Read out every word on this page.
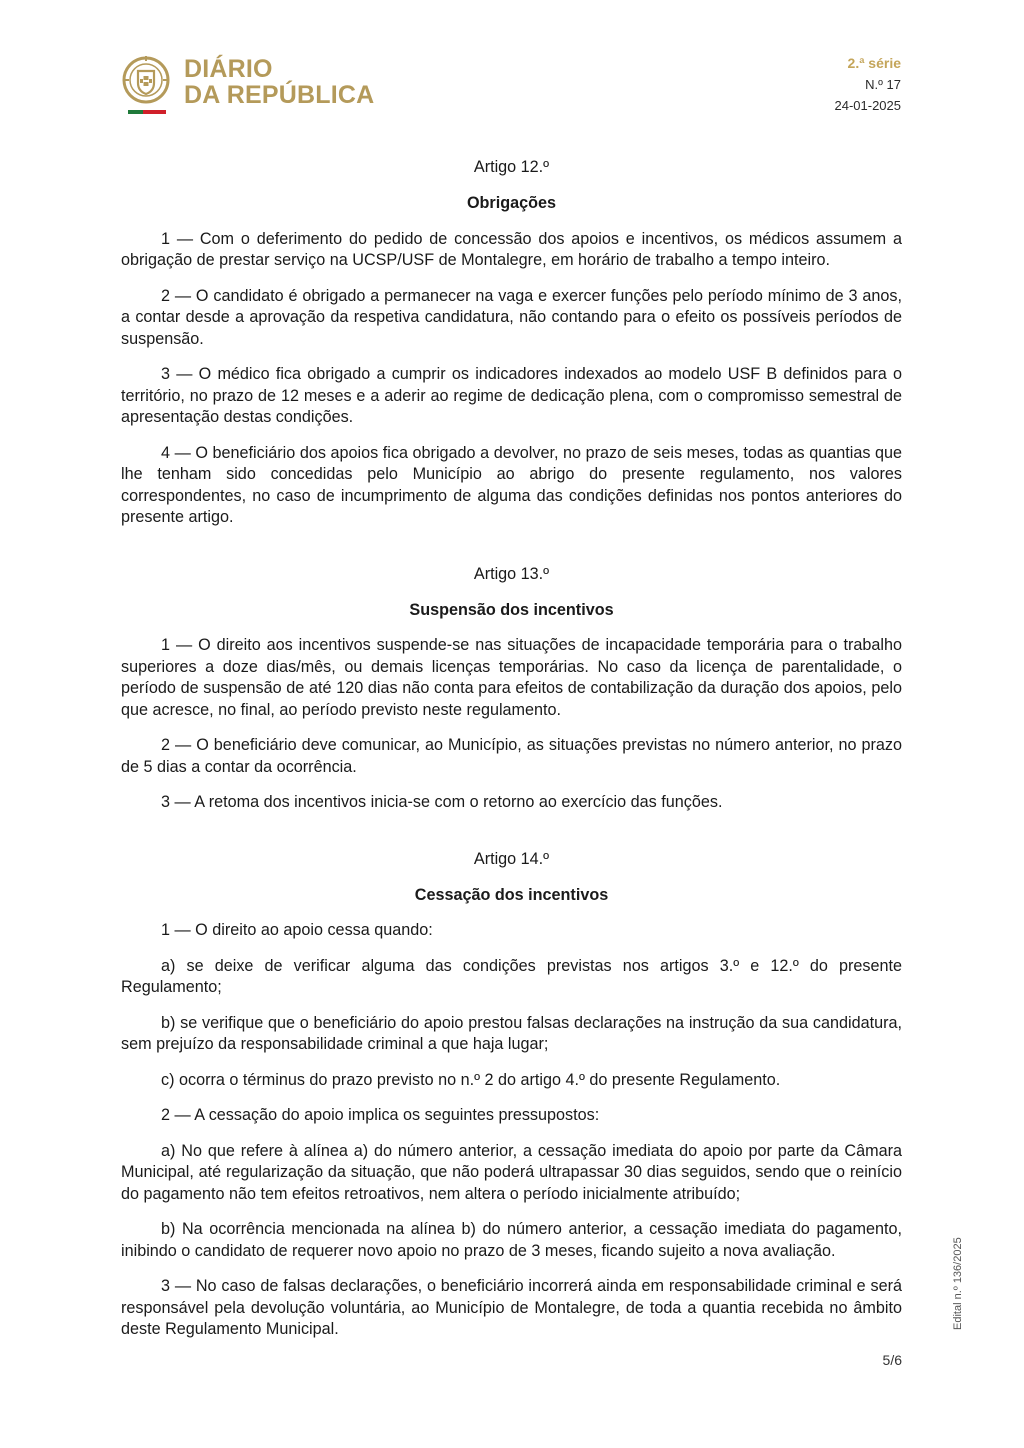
DIÁRIO
DA REPÚBLICA
2.ª série
N.º 17
24-01-2025
Artigo 12.º
Obrigações

1 — Com o deferimento do pedido de concessão dos apoios e incentivos, os médicos assumem a obrigação de prestar serviço na UCSP/USF de Montalegre, em horário de trabalho a tempo inteiro.

2 — O candidato é obrigado a permanecer na vaga e exercer funções pelo período mínimo de 3 anos, a contar desde a aprovação da respetiva candidatura, não contando para o efeito os possíveis períodos de suspensão.

3 — O médico fica obrigado a cumprir os indicadores indexados ao modelo USF B definidos para o território, no prazo de 12 meses e a aderir ao regime de dedicação plena, com o compromisso semestral de apresentação destas condições.

4 — O beneficiário dos apoios fica obrigado a devolver, no prazo de seis meses, todas as quantias que lhe tenham sido concedidas pelo Município ao abrigo do presente regulamento, nos valores correspondentes, no caso de incumprimento de alguma das condições definidas nos pontos anteriores do presente artigo.

Artigo 13.º
Suspensão dos incentivos

1 — O direito aos incentivos suspende-se nas situações de incapacidade temporária para o trabalho superiores a doze dias/mês, ou demais licenças temporárias. No caso da licença de parentalidade, o período de suspensão de até 120 dias não conta para efeitos de contabilização da duração dos apoios, pelo que acresce, no final, ao período previsto neste regulamento.

2 — O beneficiário deve comunicar, ao Município, as situações previstas no número anterior, no prazo de 5 dias a contar da ocorrência.

3 — A retoma dos incentivos inicia-se com o retorno ao exercício das funções.

Artigo 14.º
Cessação dos incentivos

1 — O direito ao apoio cessa quando:

a) se deixe de verificar alguma das condições previstas nos artigos 3.º e 12.º do presente Regulamento;

b) se verifique que o beneficiário do apoio prestou falsas declarações na instrução da sua candidatura, sem prejuízo da responsabilidade criminal a que haja lugar;

c) ocorra o términus do prazo previsto no n.º 2 do artigo 4.º do presente Regulamento.

2 — A cessação do apoio implica os seguintes pressupostos:

a) No que refere à alínea a) do número anterior, a cessação imediata do apoio por parte da Câmara Municipal, até regularização da situação, que não poderá ultrapassar 30 dias seguidos, sendo que o reinício do pagamento não tem efeitos retroativos, nem altera o período inicialmente atribuído;

b) Na ocorrência mencionada na alínea b) do número anterior, a cessação imediata do pagamento, inibindo o candidato de requerer novo apoio no prazo de 3 meses, ficando sujeito a nova avaliação.

3 — No caso de falsas declarações, o beneficiário incorrerá ainda em responsabilidade criminal e será responsável pela devolução voluntária, ao Município de Montalegre, de toda a quantia recebida no âmbito deste Regulamento Municipal.	Edital n.º 136/2025
5/6
